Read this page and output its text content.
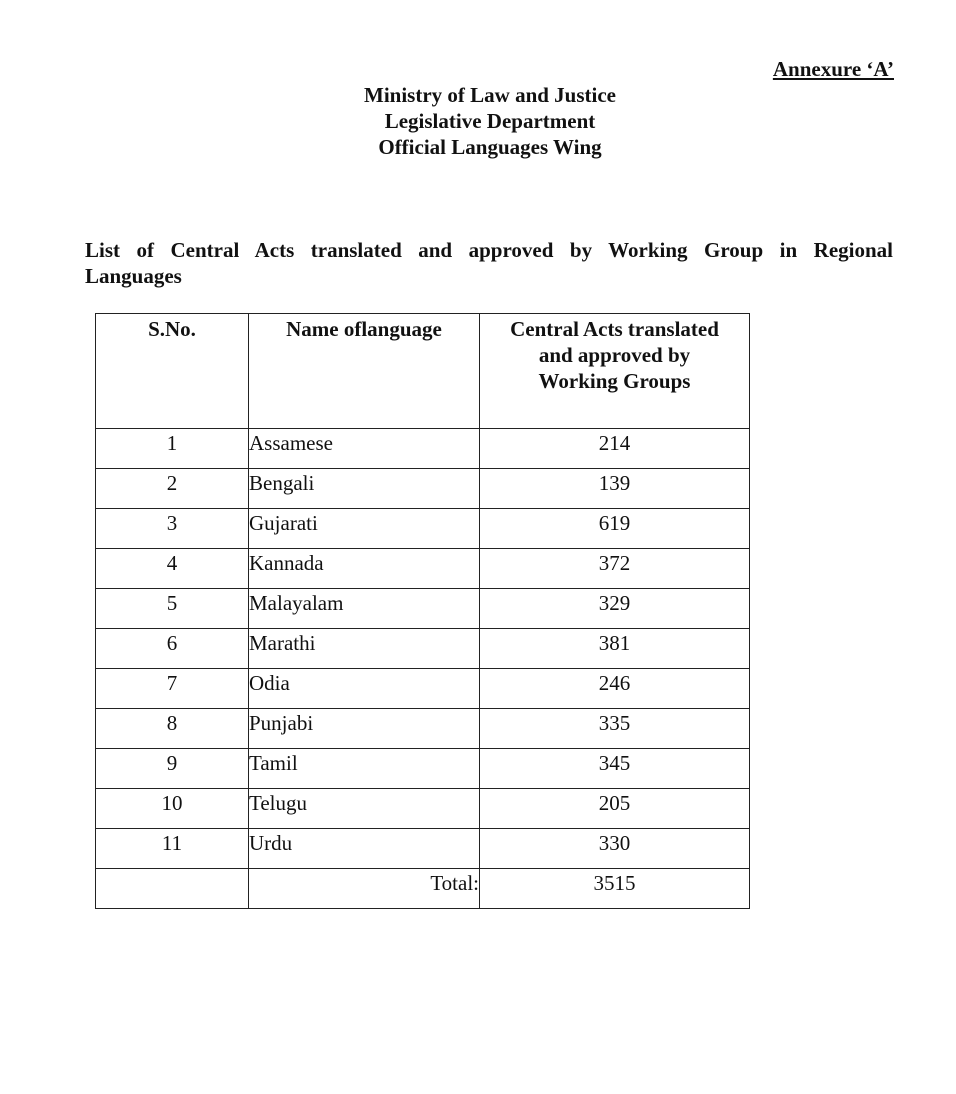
Annexure ‘A’
Ministry of Law and Justice
Legislative Department
Official Languages Wing
List of Central Acts translated and approved by Working Group in Regional
Languages
S.No.	Name oflanguage	Central Acts translated and approved by Working Groups
1	Assamese	214
2	Bengali	139
3	Gujarati	619
4	Kannada	372
5	Malayalam	329
6	Marathi	381
7	Odia	246
8	Punjabi	335
9	Tamil	345
10	Telugu	205
11	Urdu	330
	Total:	3515
